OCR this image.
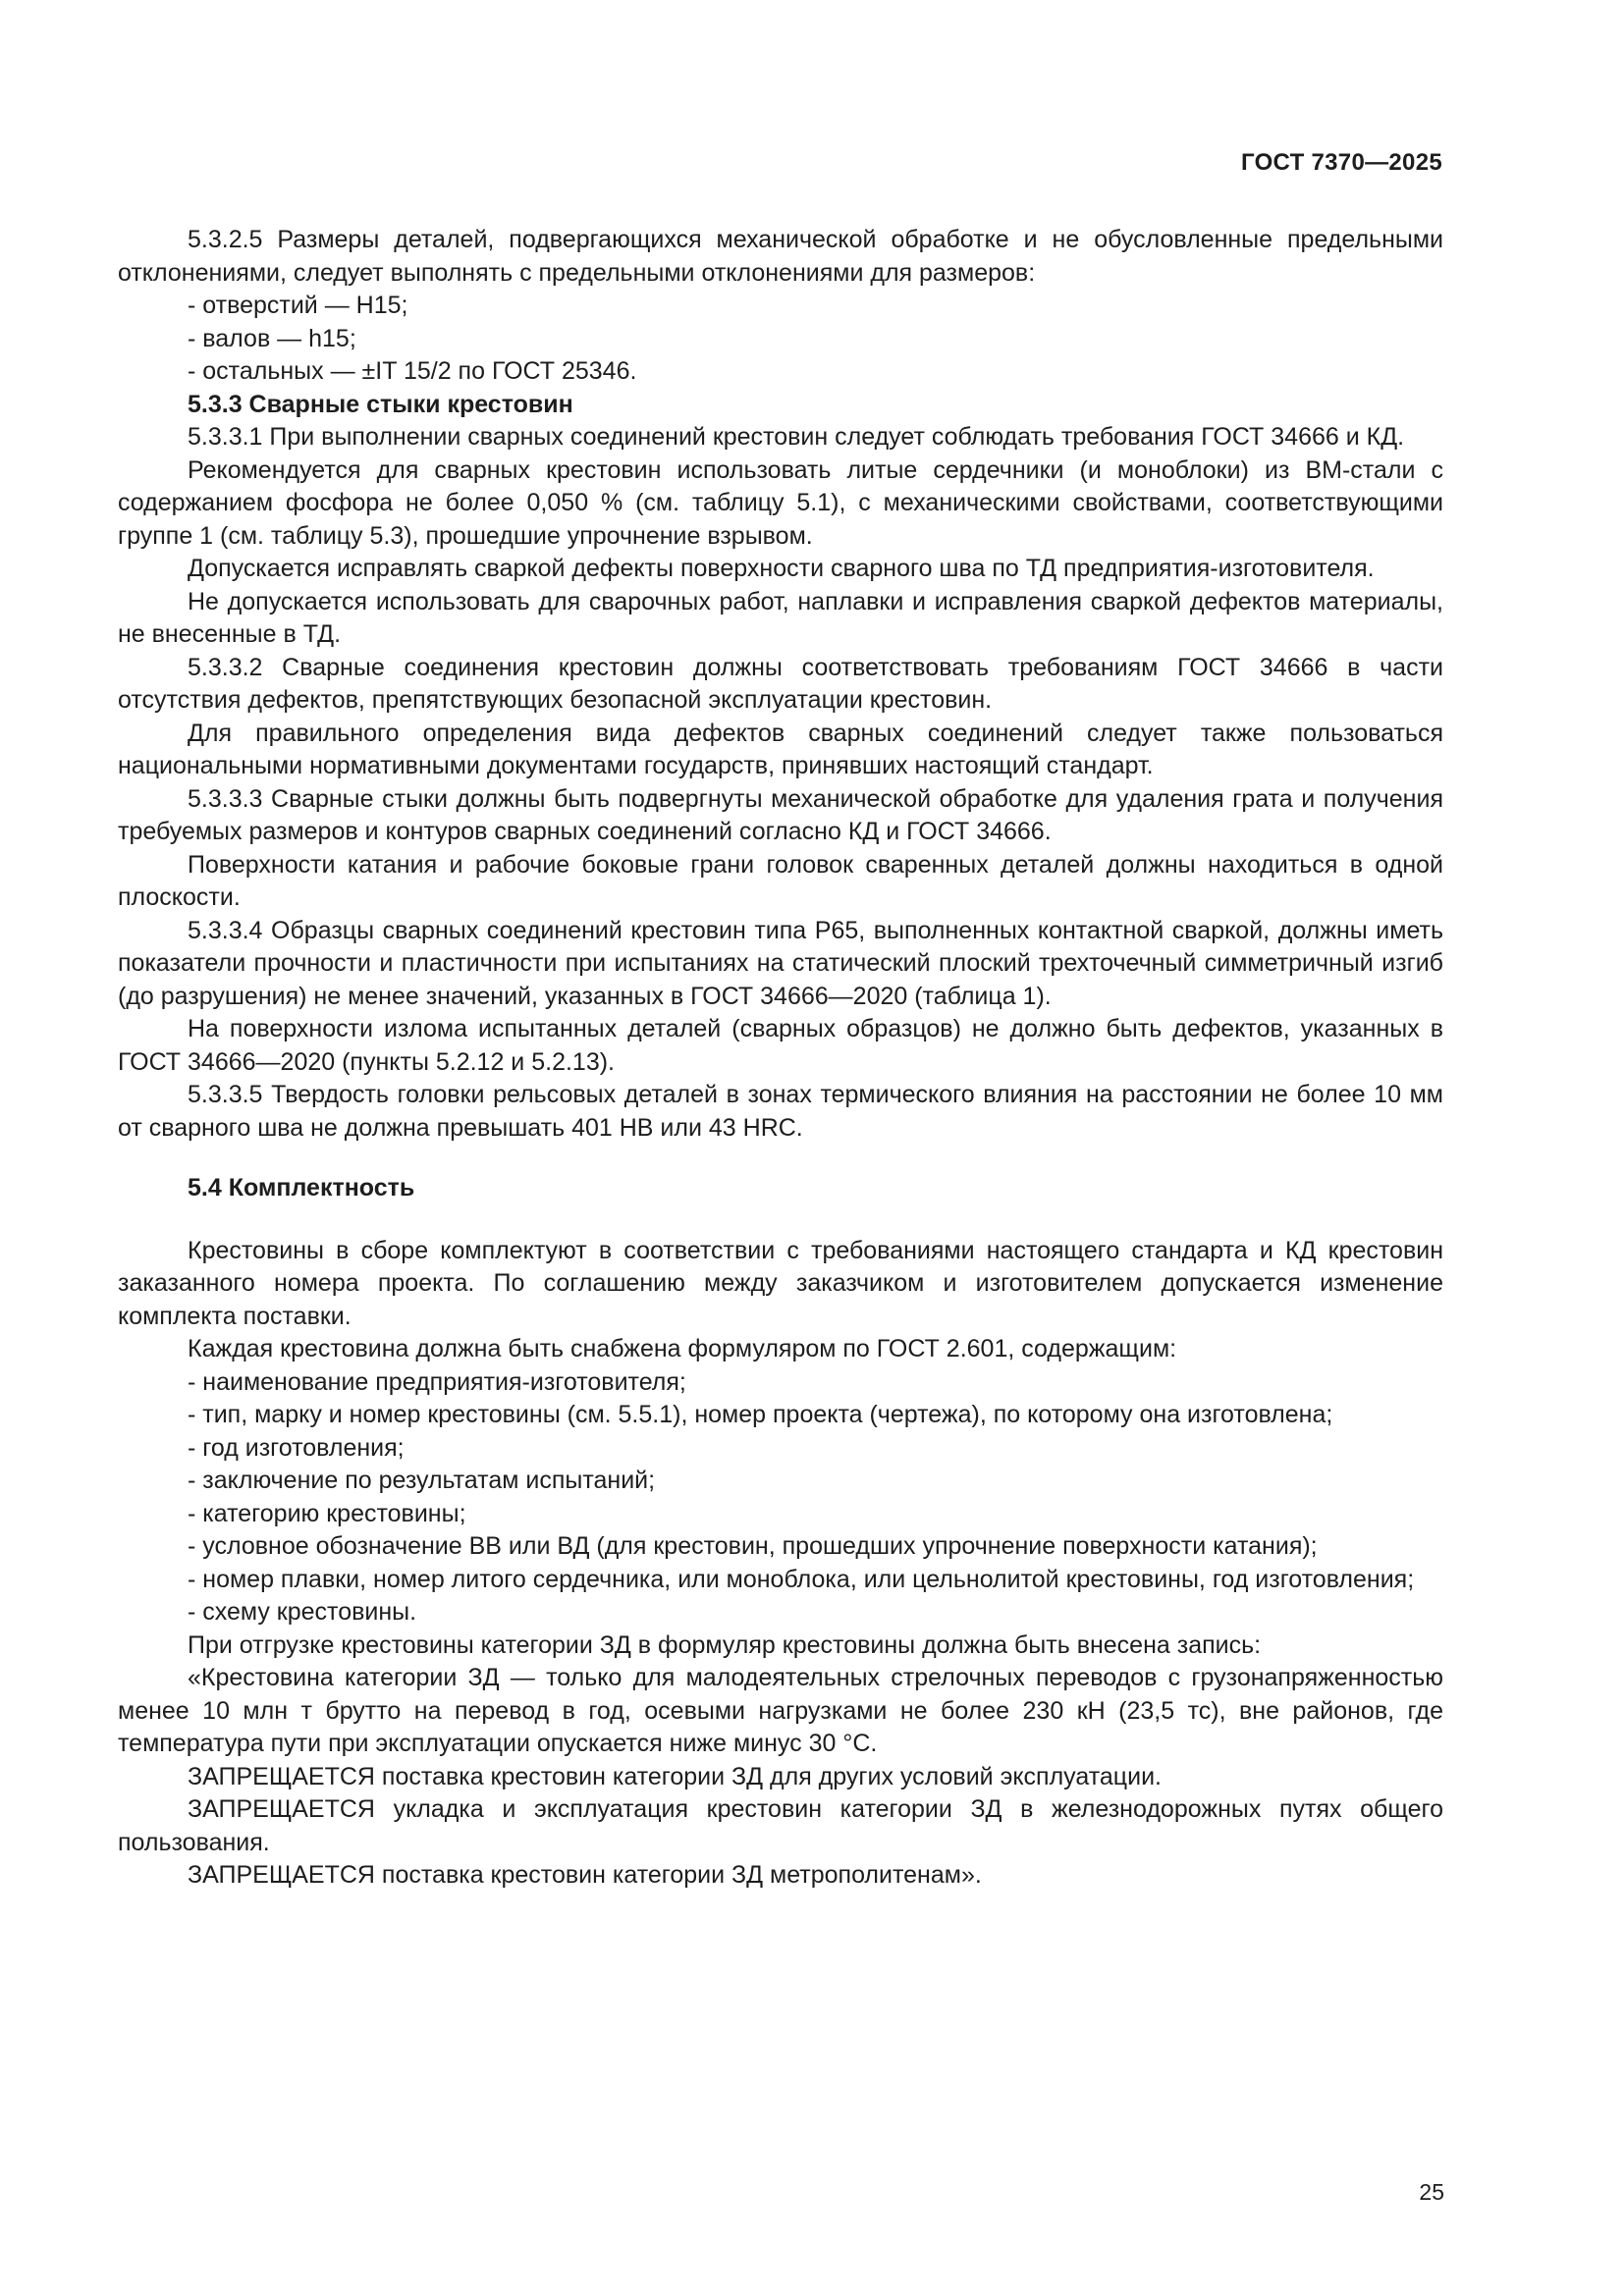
ГОСТ 7370—2025

5.3.2.5 Размеры деталей, подвергающихся механической обработке и не обусловленные предельными отклонениями, следует выполнять с предельными отклонениями для размеров:

- отверстий — Н15;

- валов — h15;

- остальных — ±IT 15/2 по ГОСТ 25346.

5.3.3 Сварные стыки крестовин

5.3.3.1 При выполнении сварных соединений крестовин следует соблюдать требования ГОСТ 34666 и КД.

Рекомендуется для сварных крестовин использовать литые сердечники (и моноблоки) из ВМ-стали с содержанием фосфора не более 0,050 % (см. таблицу 5.1), с механическими свойствами, соответствующими группе 1 (см. таблицу 5.3), прошедшие упрочнение взрывом.

Допускается исправлять сваркой дефекты поверхности сварного шва по ТД предприятия-изготовителя.

Не допускается использовать для сварочных работ, наплавки и исправления сваркой дефектов материалы, не внесенные в ТД.

5.3.3.2 Сварные соединения крестовин должны соответствовать требованиям ГОСТ 34666 в части отсутствия дефектов, препятствующих безопасной эксплуатации крестовин.

Для правильного определения вида дефектов сварных соединений следует также пользоваться национальными нормативными документами государств, принявших настоящий стандарт.

5.3.3.3 Сварные стыки должны быть подвергнуты механической обработке для удаления грата и получения требуемых размеров и контуров сварных соединений согласно КД и ГОСТ 34666.

Поверхности катания и рабочие боковые грани головок сваренных деталей должны находиться в одной плоскости.

5.3.3.4 Образцы сварных соединений крестовин типа Р65, выполненных контактной сваркой, должны иметь показатели прочности и пластичности при испытаниях на статический плоский трехточечный симметричный изгиб (до разрушения) не менее значений, указанных в ГОСТ 34666—2020 (таблица 1).

На поверхности излома испытанных деталей (сварных образцов) не должно быть дефектов, указанных в ГОСТ 34666—2020 (пункты 5.2.12 и 5.2.13).

5.3.3.5 Твердость головки рельсовых деталей в зонах термического влияния на расстоянии не более 10 мм от сварного шва не должна превышать 401 НВ или 43 HRC.

5.4 Комплектность

Крестовины в сборе комплектуют в соответствии с требованиями настоящего стандарта и КД крестовин заказанного номера проекта. По соглашению между заказчиком и изготовителем допускается изменение комплекта поставки.

Каждая крестовина должна быть снабжена формуляром по ГОСТ 2.601, содержащим:

- наименование предприятия-изготовителя;

- тип, марку и номер крестовины (см. 5.5.1), номер проекта (чертежа), по которому она изготовлена;

- год изготовления;

- заключение по результатам испытаний;

- категорию крестовины;

- условное обозначение ВВ или ВД (для крестовин, прошедших упрочнение поверхности катания);

- номер плавки, номер литого сердечника, или моноблока, или цельнолитой крестовины, год изготовления;

- схему крестовины.

При отгрузке крестовины категории ЗД в формуляр крестовины должна быть внесена запись:

«Крестовина категории ЗД — только для малодеятельных стрелочных переводов с грузонапряженностью менее 10 млн т брутто на перевод в год, осевыми нагрузками не более 230 кН (23,5 тс), вне районов, где температура пути при эксплуатации опускается ниже минус 30 °С.

ЗАПРЕЩАЕТСЯ поставка крестовин категории ЗД для других условий эксплуатации.

ЗАПРЕЩАЕТСЯ укладка и эксплуатация крестовин категории ЗД в железнодорожных путях общего пользования.

ЗАПРЕЩАЕТСЯ поставка крестовин категории ЗД метрополитенам».

25
